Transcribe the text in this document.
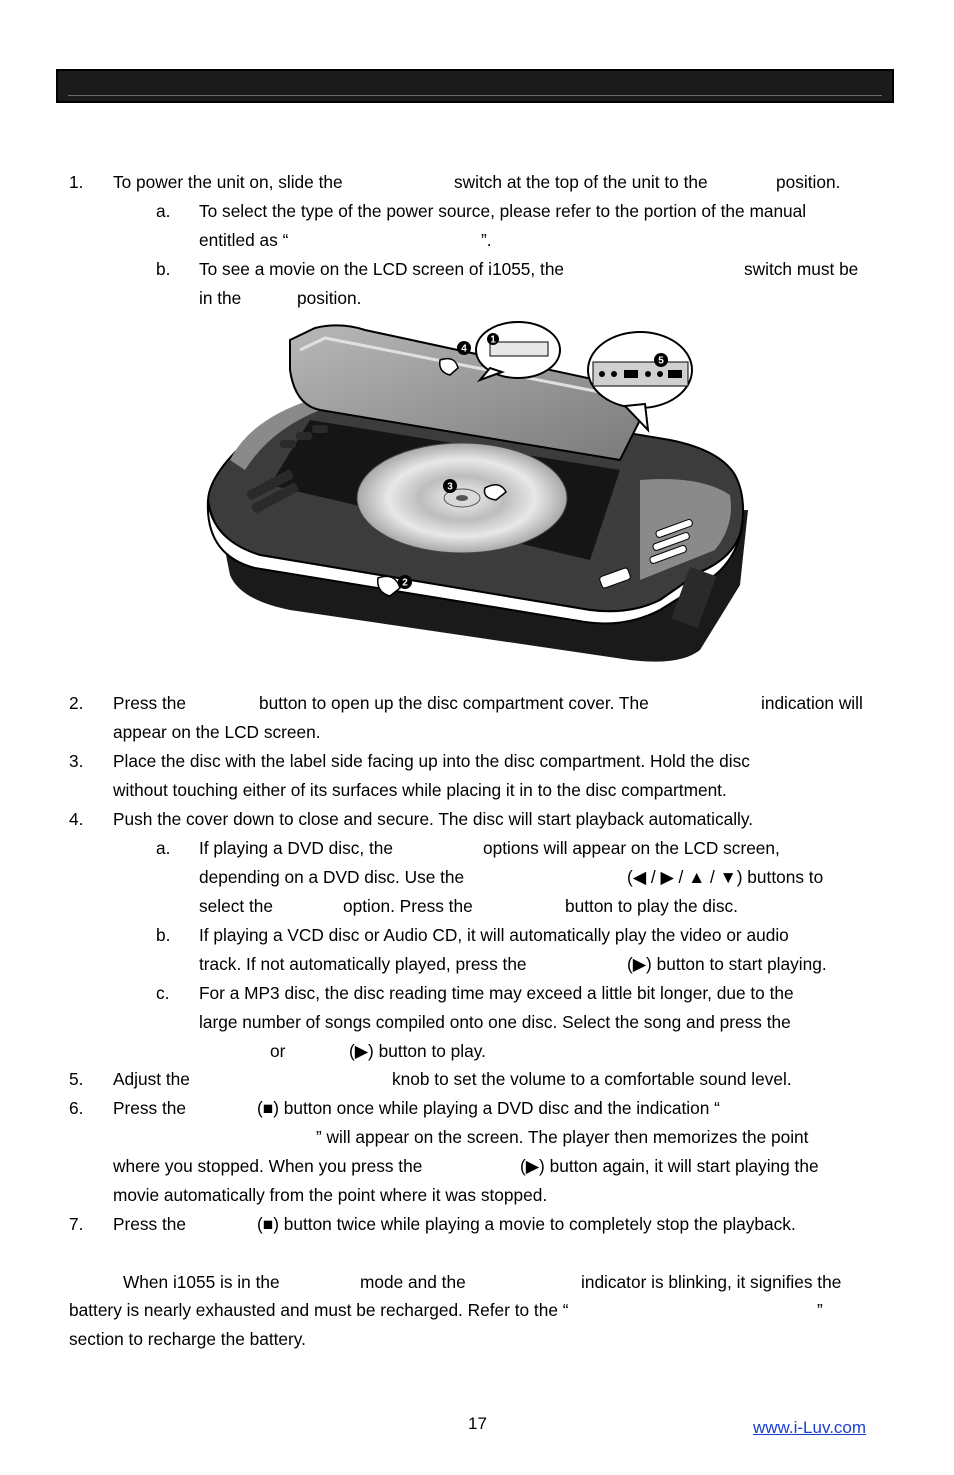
1. To power the unit on, slide the	switch at the top of the unit to the	position.
a. To select the type of the power source, please refer to the portion of the manual
entitled as “	”.
b. To see a movie on the LCD screen of i1055, the	switch must be
in the	position.
4
1
5
3
2
2. Press the	button to open up the disc compartment cover. The	indication will
appear on the LCD screen.
3. Place the disc with the label side facing up into the disc compartment. Hold the disc
without touching either of its surfaces while placing it in to the disc compartment.
4. Push the cover down to close and secure. The disc will start playback automatically.
a. If playing a DVD disc, the	options will appear on the LCD screen,
depending on a DVD disc. Use the	(◀ / ▶ / ▲ / ▼) buttons to
select the	option. Press the	button to play the disc.
b. If playing a VCD disc or Audio CD, it will automatically play the video or audio
track. If not automatically played, press the	(▶) button to start playing.
c. For a MP3 disc, the disc reading time may exceed a little bit longer, due to the
large number of songs compiled onto one disc. Select the song and press the
or	(▶) button to play.
5. Adjust the	knob to set the volume to a comfortable sound level.
6. Press the	(■) button once while playing a DVD disc and the indication “
” will appear on the screen. The player then memorizes the point
where you stopped. When you press the	(▶) button again, it will start playing the
movie automatically from the point where it was stopped.
7. Press the	(■) button twice while playing a movie to completely stop the playback.
When i1055 is in the	mode and the	indicator is blinking, it signifies the
battery is nearly exhausted and must be recharged. Refer to the “	”
section to recharge the battery.
17	www.i-Luv.com
